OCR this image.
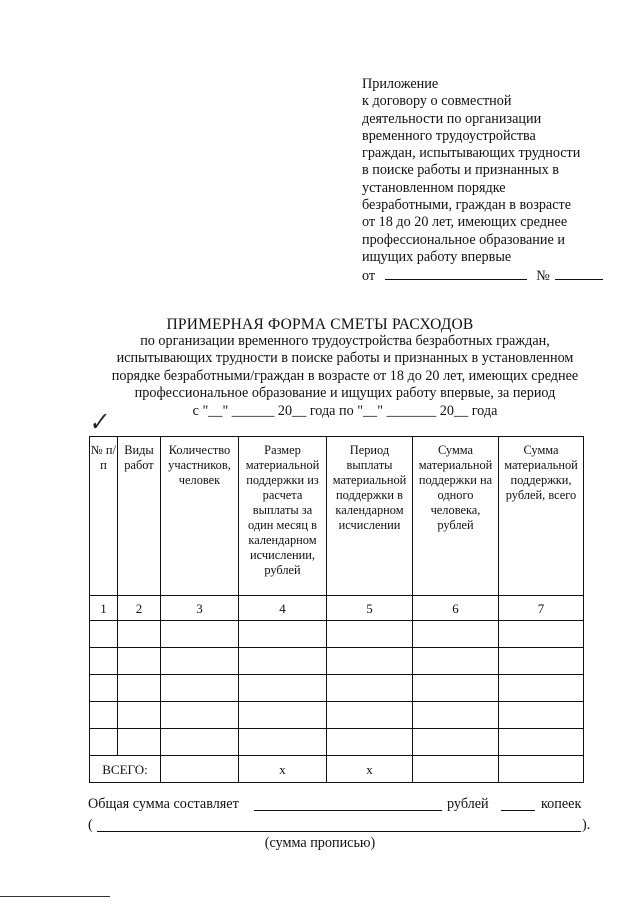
Приложение
к договору о совместной
деятельности по организации
временного трудоустройства
граждан, испытывающих трудности
в поиске работы и признанных в
установленном порядке
безработными, граждан в возрасте
от 18 до 20 лет, имеющих среднее
профессиональное образование и
ищущих работу впервые
от	№
ПРИМЕРНАЯ ФОРМА СМЕТЫ РАСХОДОВ
по организации временного трудоустройства безработных граждан,
испытывающих трудности в поиске работы и признанных в установленном
порядке безработными/граждан в возрасте от 18 до 20 лет, имеющих среднее
профессиональное образование и ищущих работу впервые, за период
с "__" ______ 20__ года по "__" _______ 20__ года
✓
№ п/п	Виды работ	Количество участников, человек	Размер материальной поддержки из расчета выплаты за один месяц в календарном исчислении, рублей	Период выплаты материальной поддержки в календарном исчислении	Сумма материальной поддержки на одного человека, рублей	Сумма материальной поддержки, рублей, всего

1	2	3	4	5	6	7

ВСЕГО:			х	х		
Общая сумма составляет	рублей	копеек
(	).
(сумма прописью)
